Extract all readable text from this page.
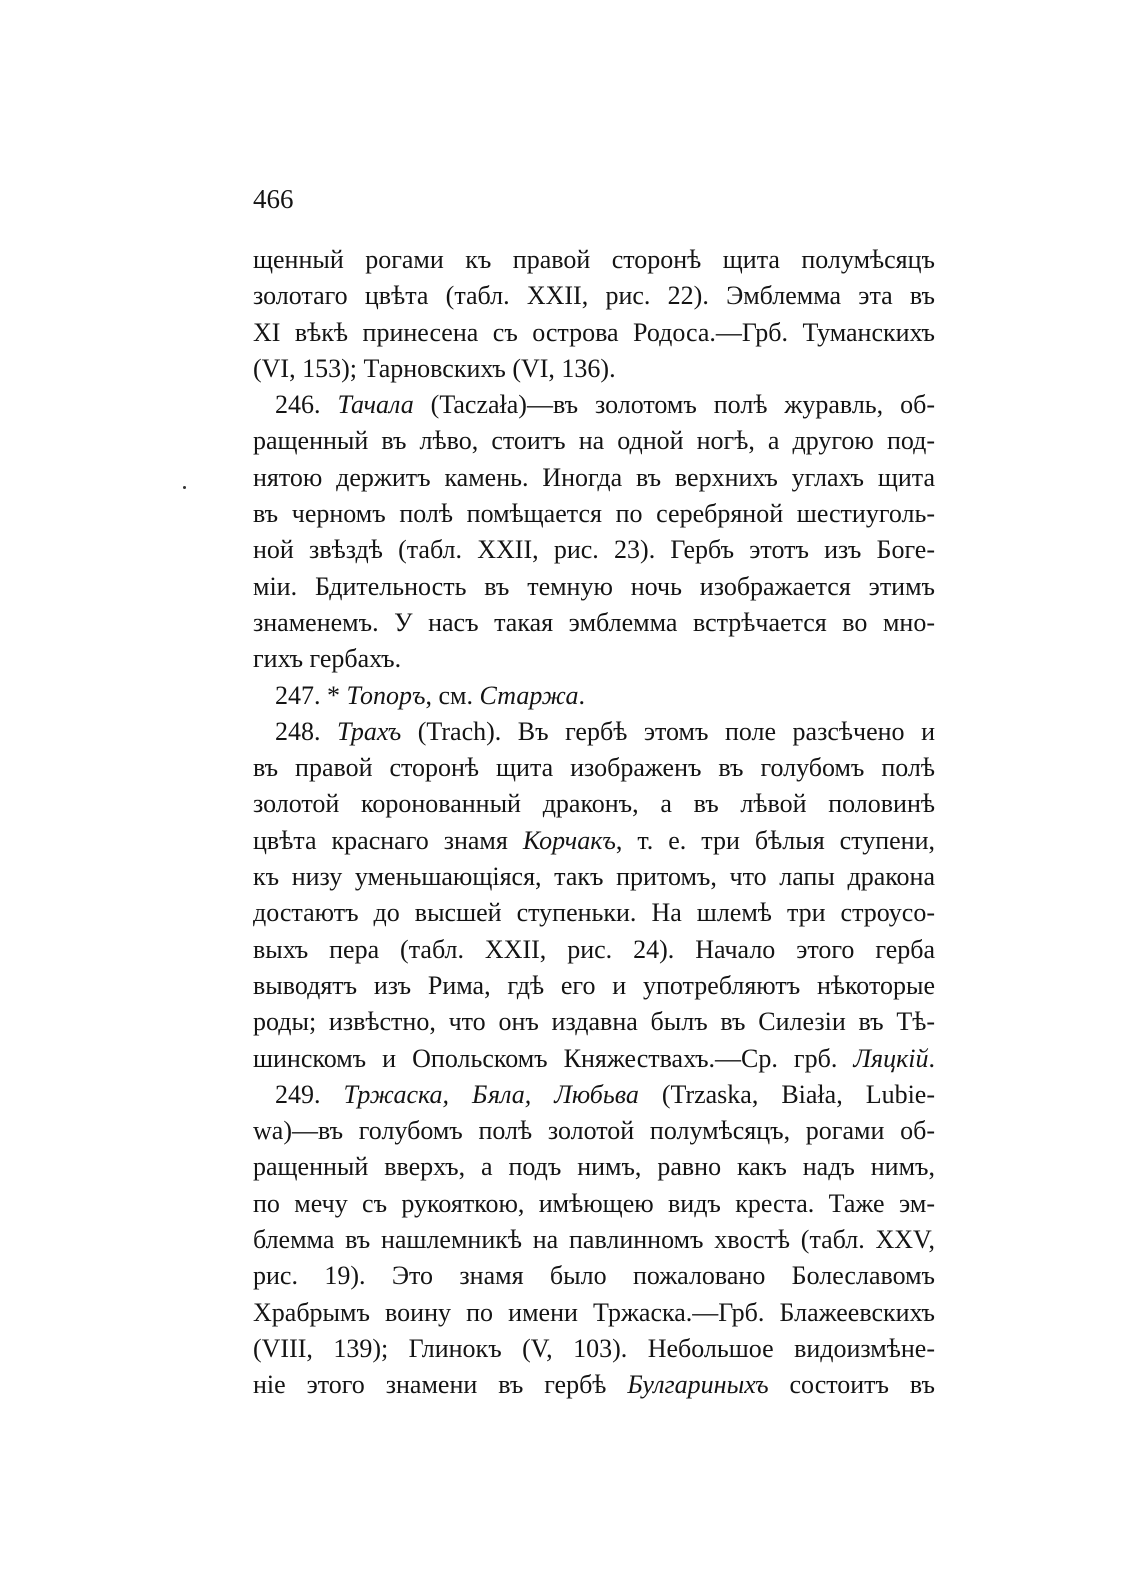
466
щенный рогами къ правой сторонѣ щита полумѣсяцъ
золотаго цвѣта (табл. XXII, рис. 22). Эмблемма эта въ
XI вѣкѣ принесена съ острова Родоса.—Грб. Туманскихъ
(VI, 153); Тарновскихъ (VI, 136).
246. Тачала (Taczała)—въ золотомъ полѣ журавль, об-
ращенный въ лѣво, стоитъ на одной ногѣ, а другою под-
нятою держитъ камень. Иногда въ верхнихъ углахъ щита
въ черномъ полѣ помѣщается по серебряной шестиуголь-
ной звѣздѣ (табл. XXII, рис. 23). Гербъ этотъ изъ Боге-
міи. Бдительность въ темную ночь изображается этимъ
знаменемъ. У насъ такая эмблемма встрѣчается во мно-
гихъ гербахъ.
247. * Топоръ, см. Старжа.
248. Трахъ (Trach). Въ гербѣ этомъ поле разсѣчено и
въ правой сторонѣ щита изображенъ въ голубомъ полѣ
золотой коронованный драконъ, а въ лѣвой половинѣ
цвѣта краснаго знамя Корчакъ, т. е. три бѣлыя ступени,
къ низу уменьшающіяся, такъ притомъ, что лапы дракона
достаютъ до высшей ступеньки. На шлемѣ три строусо-
выхъ пера (табл. XXII, рис. 24). Начало этого герба
выводятъ изъ Рима, гдѣ его и употребляютъ нѣкоторые
роды; извѣстно, что онъ издавна былъ въ Силезіи въ Тѣ-
шинскомъ и Опольскомъ Княжествахъ.—Ср. грб. Ляцкій.
249. Тржаска, Бяла, Любьва (Trzaska, Biała, Lubie-
wa)—въ голубомъ полѣ золотой полумѣсяцъ, рогами об-
ращенный вверхъ, а подъ нимъ, равно какъ надъ нимъ,
по мечу съ рукояткою, имѣющею видъ креста. Таже эм-
блемма въ нашлемникѣ на павлинномъ хвостѣ (табл. XXV,
рис. 19). Это знамя было пожаловано Болеславомъ
Храбрымъ воину по имени Тржаска.—Грб. Блажеевскихъ
(VIII, 139); Глинокъ (V, 103). Небольшое видоизмѣне-
ніе этого знамени въ гербѣ Булгариныхъ состоитъ въ
